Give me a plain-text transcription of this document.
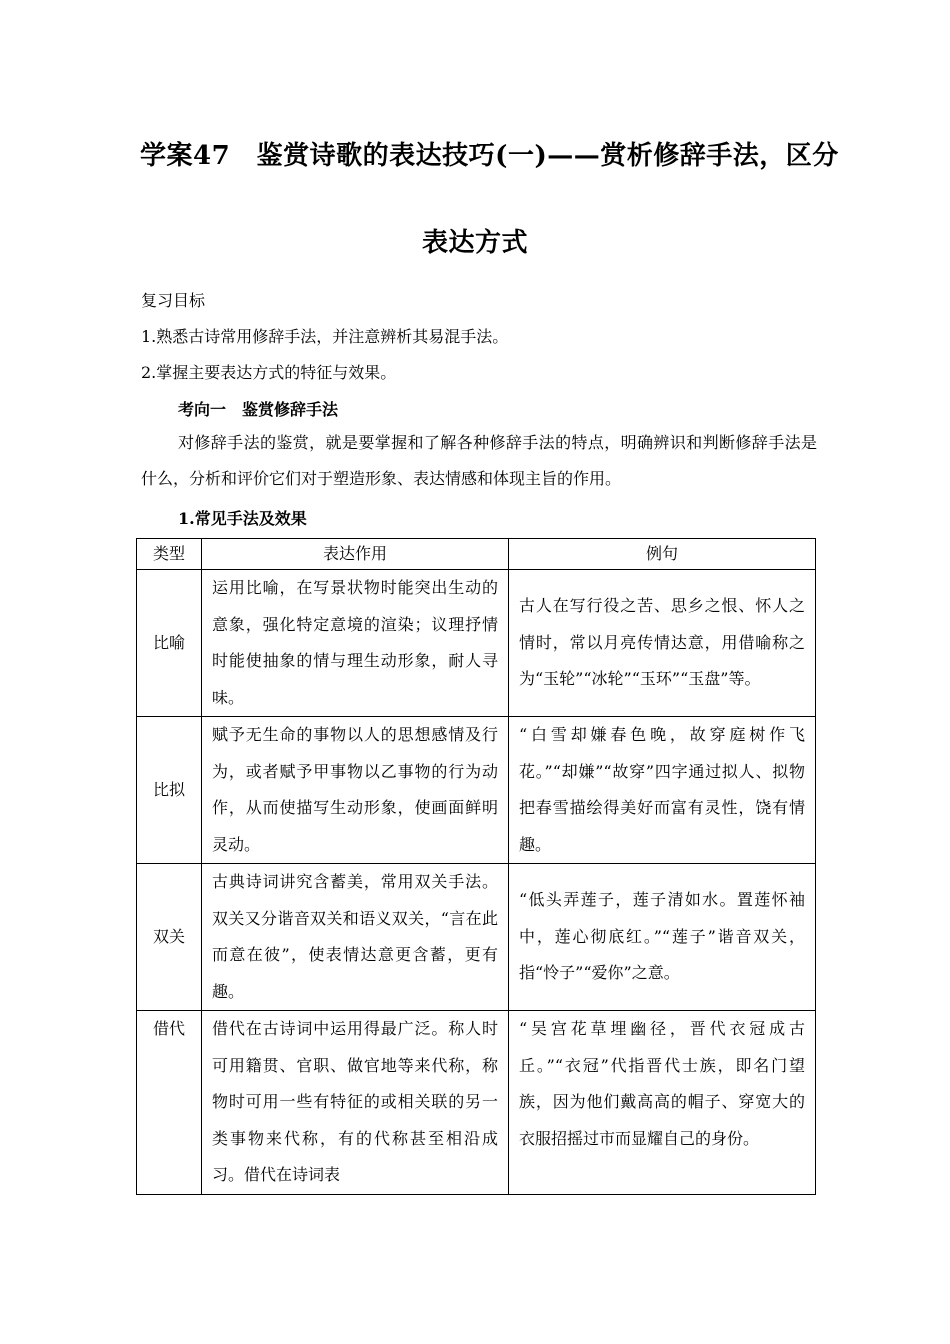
学案47　鉴赏诗歌的表达技巧(一)——赏析修辞手法，区分
表达方式
复习目标
1.熟悉古诗常用修辞手法，并注意辨析其易混手法。
2.掌握主要表达方式的特征与效果。
考向一　鉴赏修辞手法
对修辞手法的鉴赏，就是要掌握和了解各种修辞手法的特点，明确辨识和判断修辞手法是什么，分析和评价它们对于塑造形象、表达情感和体现主旨的作用。
1.常见手法及效果
类型	表达作用	例句
比喻	运用比喻，在写景状物时能突出生动的意象，强化特定意境的渲染；议理抒情时能使抽象的情与理生动形象，耐人寻味。	古人在写行役之苦、思乡之恨、怀人之情时，常以月亮传情达意，用借喻称之为“玉轮”“冰轮”“玉环”“玉盘”等。
比拟	赋予无生命的事物以人的思想感情及行为，或者赋予甲事物以乙事物的行为动作，从而使描写生动形象，使画面鲜明灵动。	“白雪却嫌春色晚，故穿庭树作飞花。”“却嫌”“故穿”四字通过拟人、拟物把春雪描绘得美好而富有灵性，饶有情趣。
双关	古典诗词讲究含蓄美，常用双关手法。双关又分谐音双关和语义双关，“言在此而意在彼”，使表情达意更含蓄，更有趣。	“低头弄莲子，莲子清如水。置莲怀袖中，莲心彻底红。”“莲子”谐音双关，指“怜子”“爱你”之意。
借代	借代在古诗词中运用得最广泛。称人时可用籍贯、官职、做官地等来代称，称物时可用一些有特征的或相关联的另一类事物来代称，有的代称甚至相沿成习。借代在诗词表	“吴宫花草埋幽径，晋代衣冠成古丘。”“衣冠”代指晋代士族，即名门望族，因为他们戴高高的帽子、穿宽大的衣服招摇过市而显耀自己的身份。
